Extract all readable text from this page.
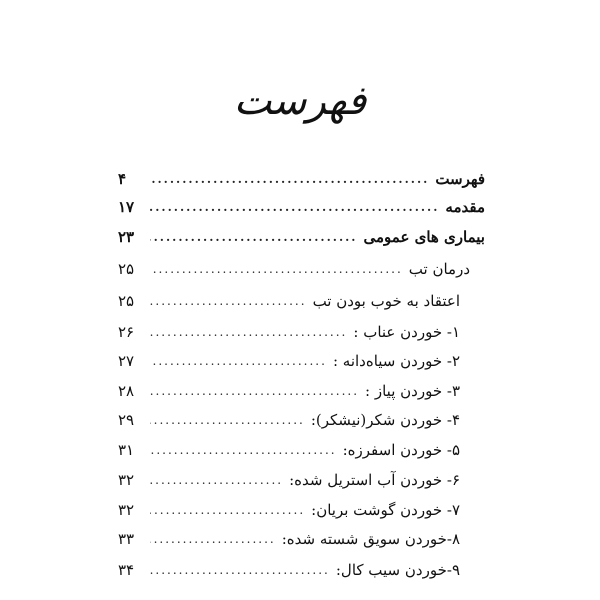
فهرست
فهرست
.....
۴
مقدمه
.....
۱۷
بیماری های عمومی
.....
۲۳
درمان تب
.....
۲۵
اعتقاد به خوب بودن تب
.....
۲۵
۱- خوردن عناب :
.....
۲۶
۲- خوردن سیاه‌دانه :
.....
۲۷
۳- خوردن پیاز :
.....
۲۸
۴- خوردن شکر(نیشکر):
.....
۲۹
۵- خوردن اسفرزه:
.....
۳۱
۶- خوردن آب استریل شده:
.....
۳۲
۷- خوردن گوشت بریان:
.....
۳۲
۸-خوردن سویق شسته شده:
.....
۳۳
۹-خوردن سیب کال:
.....
۳۴
